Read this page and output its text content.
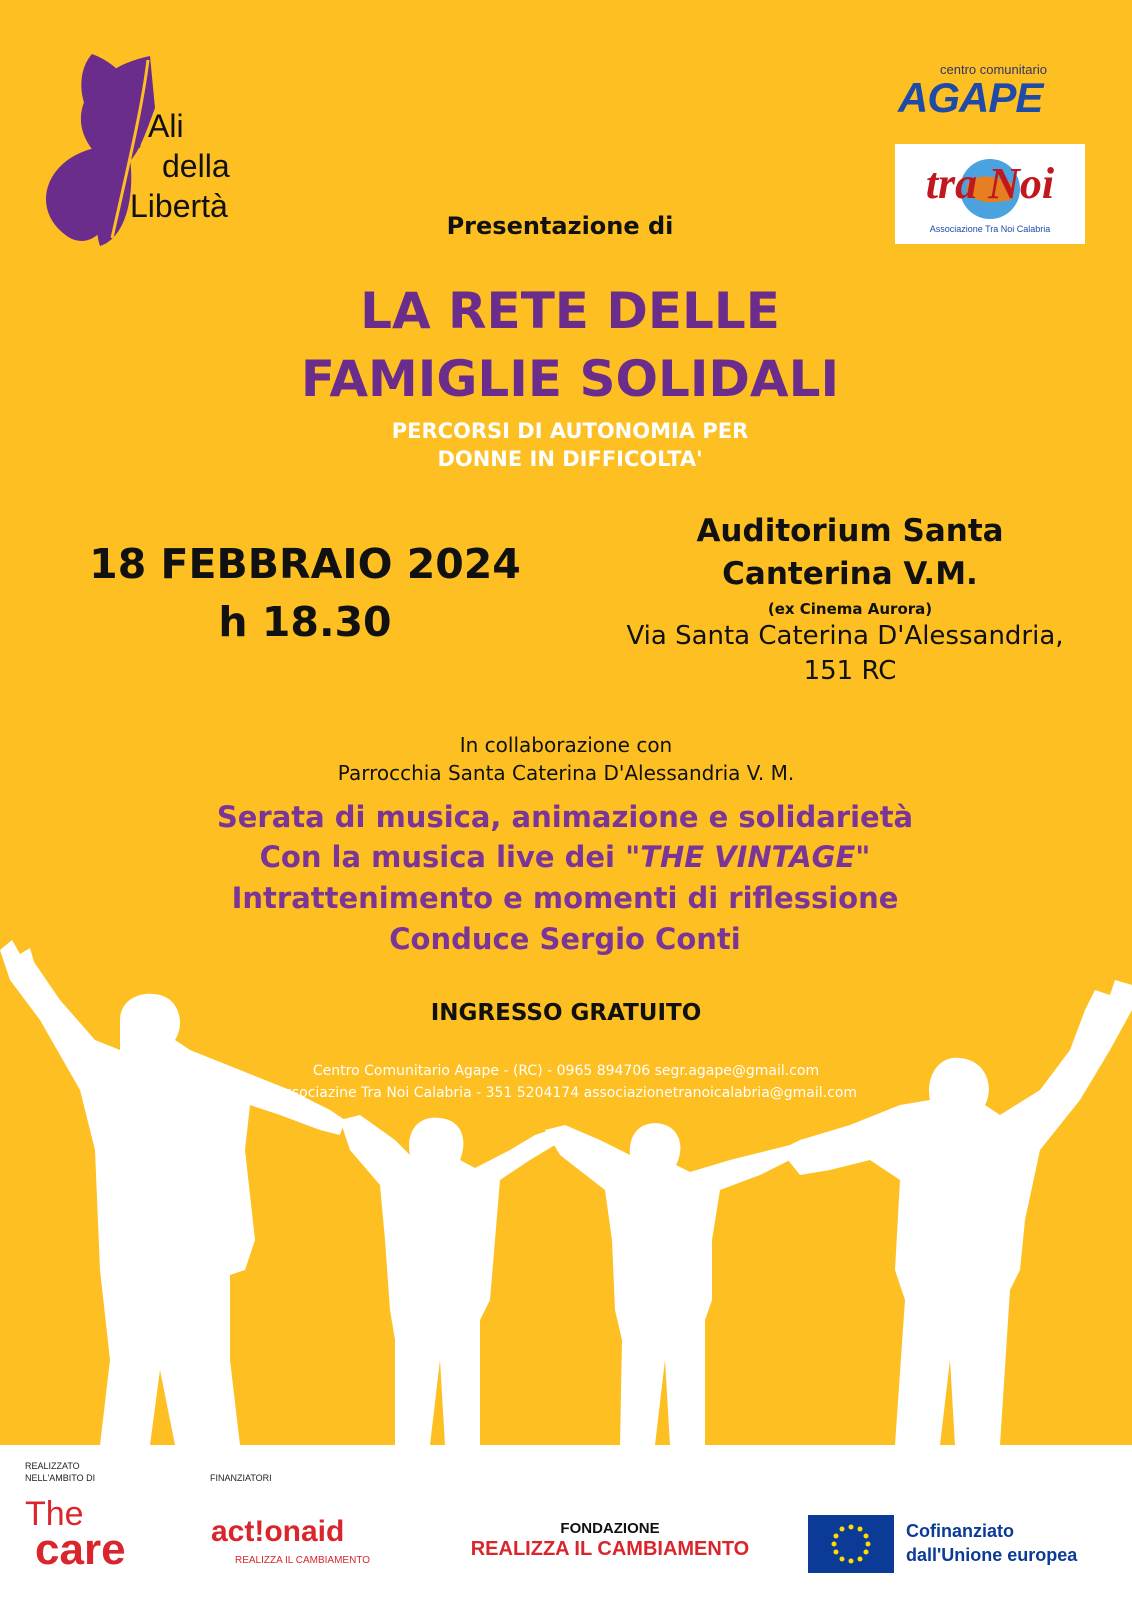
Ali
della
Libertà
centro comunitario
AGAPE
tra Noi
Associazione Tra Noi Calabria
Presentazione di
LA RETE DELLE
FAMIGLIE SOLIDALI
PERCORSI DI AUTONOMIA PER
DONNE IN DIFFICOLTA'
18 FEBBRAIO 2024
h 18.30
Auditorium Santa
Canterina V.M.
(ex Cinema Aurora)
Via Santa Caterina D'Alessandria,
151 RC
In collaborazione con
Parrocchia Santa Caterina D'Alessandria V. M.
Serata di musica, animazione e solidarietà
Con la musica live dei "THE VINTAGE"
Intrattenimento e momenti di riflessione
Conduce Sergio Conti
INGRESSO GRATUITO
Centro Comunitario Agape - (RC) - 0965 894706 segr.agape@gmail.com
Associazine Tra Noi Calabria - 351 5204174 associazionetranoicalabria@gmail.com
REALIZZATO
NELL'AMBITO DI	FINANZIATORI
The
care	act!onaid
REALIZZA IL CAMBIAMENTO
FONDAZIONE
REALIZZA IL CAMBIAMENTO
Cofinanziato
dall'Unione europea
